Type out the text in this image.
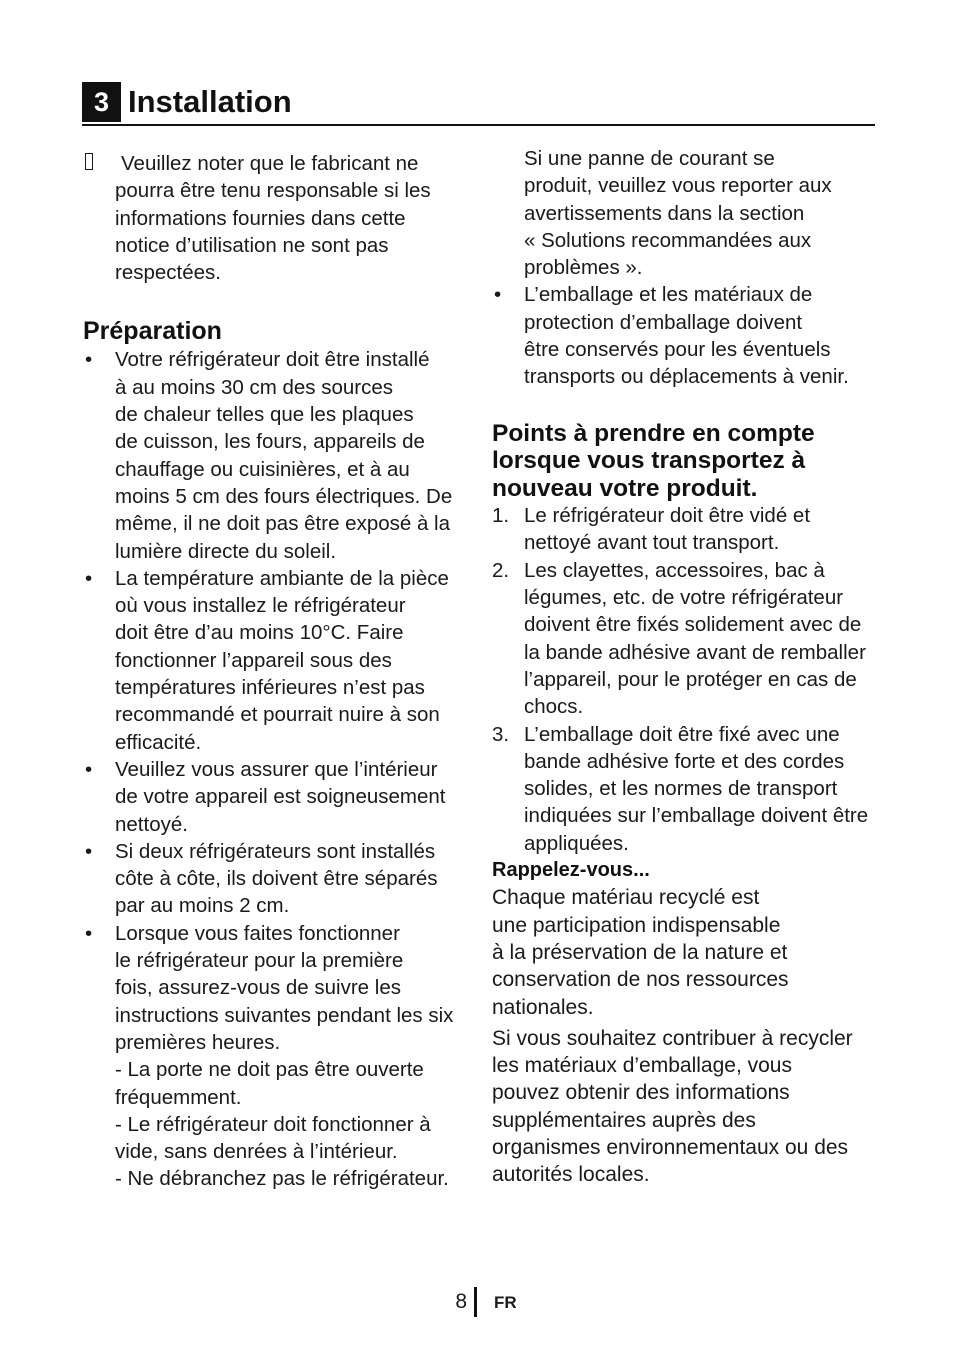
3 Installation
Veuillez noter que le fabricant ne
pourra être tenu responsable si les
informations fournies dans cette
notice d’utilisation ne sont pas
respectées.
Préparation
• Votre réfrigérateur doit être installé
à au moins 30 cm des sources
de chaleur telles que les plaques
de cuisson, les fours, appareils de
chauffage ou cuisinières, et à au
moins 5 cm des fours électriques. De
même, il ne doit pas être exposé à la
lumière directe du soleil.
• La température ambiante de la pièce
où vous installez le réfrigérateur
doit être d’au moins 10°C. Faire
fonctionner l’appareil sous des
températures inférieures n’est pas
recommandé et pourrait nuire à son
efficacité.
• Veuillez vous assurer que l’intérieur
de votre appareil est soigneusement
nettoyé.
• Si deux réfrigérateurs sont installés
côte à côte, ils doivent être séparés
par au moins 2 cm.
• Lorsque vous faites fonctionner
le réfrigérateur pour la première
fois, assurez-vous de suivre les
instructions suivantes pendant les six
premières heures.
- La porte ne doit pas être ouverte
fréquemment.
- Le réfrigérateur doit fonctionner à
vide, sans denrées à l’intérieur.
- Ne débranchez pas le réfrigérateur.
Si une panne de courant se
produit, veuillez vous reporter aux
avertissements dans la section
« Solutions recommandées aux
problèmes ».
• L’emballage et les matériaux de
protection d’emballage doivent
être conservés pour les éventuels
transports ou déplacements à venir.
Points à prendre en compte
lorsque vous transportez à
nouveau votre produit.
1. Le réfrigérateur doit être vidé et
nettoyé avant tout transport.
2. Les clayettes, accessoires, bac à
légumes, etc. de votre réfrigérateur
doivent être fixés solidement avec de
la bande adhésive avant de remballer
l’appareil, pour le protéger en cas de
chocs.
3. L’emballage doit être fixé avec une
bande adhésive forte et des cordes
solides, et les normes de transport
indiquées sur l’emballage doivent être
appliquées.
Rappelez-vous...

Chaque matériau recyclé est
une participation indispensable
à la préservation de la nature et
conservation de nos ressources
nationales.

Si vous souhaitez contribuer à recycler
les matériaux d’emballage, vous
pouvez obtenir des informations
supplémentaires auprès des
organismes environnementaux ou des
autorités locales.

8 FR
